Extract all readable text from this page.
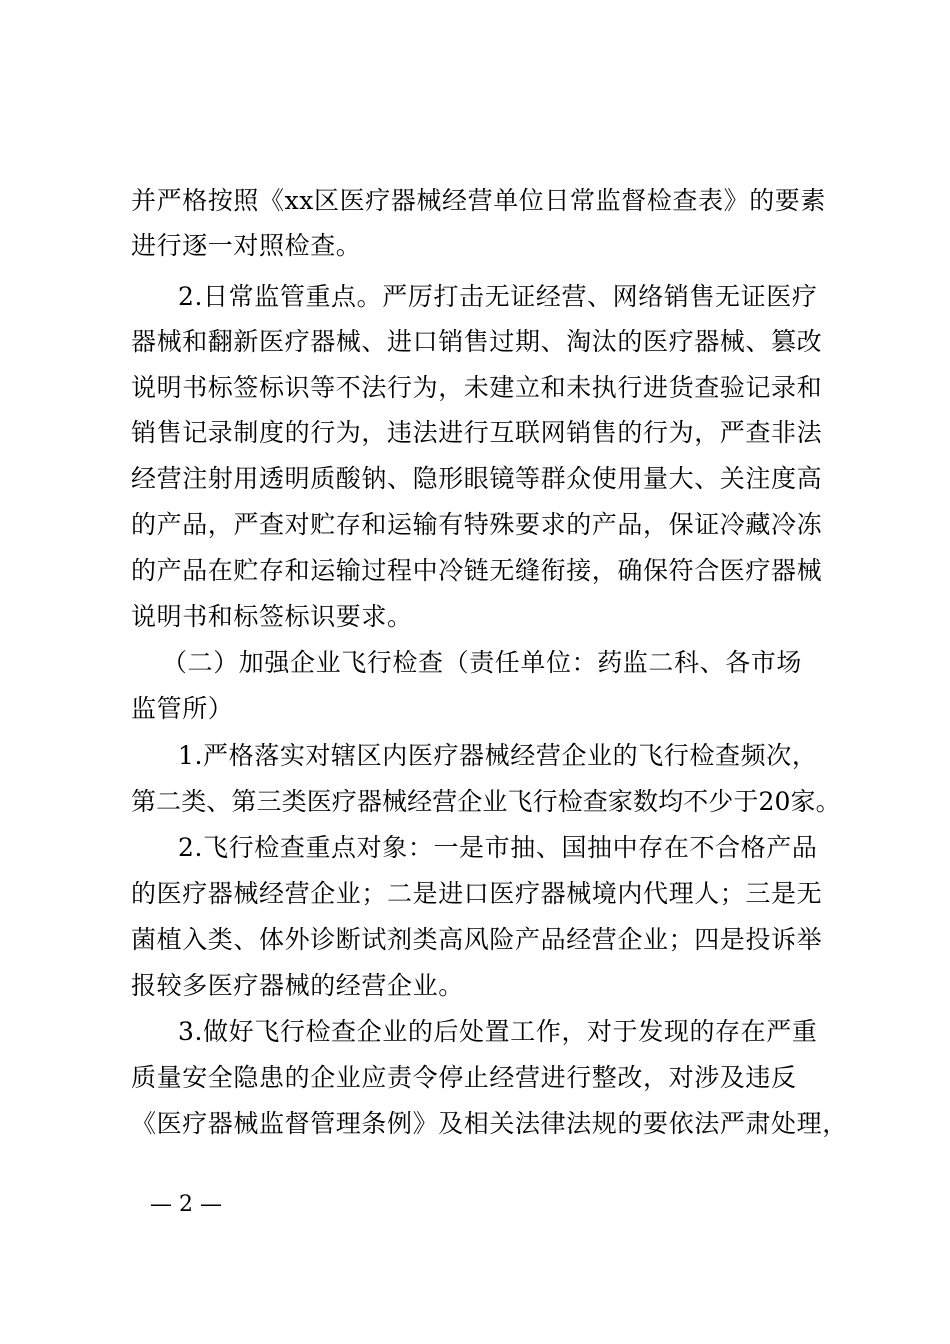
并严格按照《xx区医疗器械经营单位日常监督检查表》的要素
进行逐一对照检查。
2.日常监管重点。严厉打击无证经营、网络销售无证医疗
器械和翻新医疗器械、进口销售过期、淘汰的医疗器械、篡改
说明书标签标识等不法行为，未建立和未执行进货查验记录和
销售记录制度的行为，违法进行互联网销售的行为，严查非法
经营注射用透明质酸钠、隐形眼镜等群众使用量大、关注度高
的产品，严查对贮存和运输有特殊要求的产品，保证冷藏冷冻
的产品在贮存和运输过程中冷链无缝衔接，确保符合医疗器械
说明书和标签标识要求。
（二）加强企业飞行检查（责任单位：药监二科、各市场
监管所）
1.严格落实对辖区内医疗器械经营企业的飞行检查频次，
第二类、第三类医疗器械经营企业飞行检查家数均不少于20家。
2.飞行检查重点对象：一是市抽、国抽中存在不合格产品
的医疗器械经营企业；二是进口医疗器械境内代理人；三是无
菌植入类、体外诊断试剂类高风险产品经营企业；四是投诉举
报较多医疗器械的经营企业。
3.做好飞行检查企业的后处置工作，对于发现的存在严重
质量安全隐患的企业应责令停止经营进行整改，对涉及违反
《医疗器械监督管理条例》及相关法律法规的要依法严肃处理，
— 2 —
